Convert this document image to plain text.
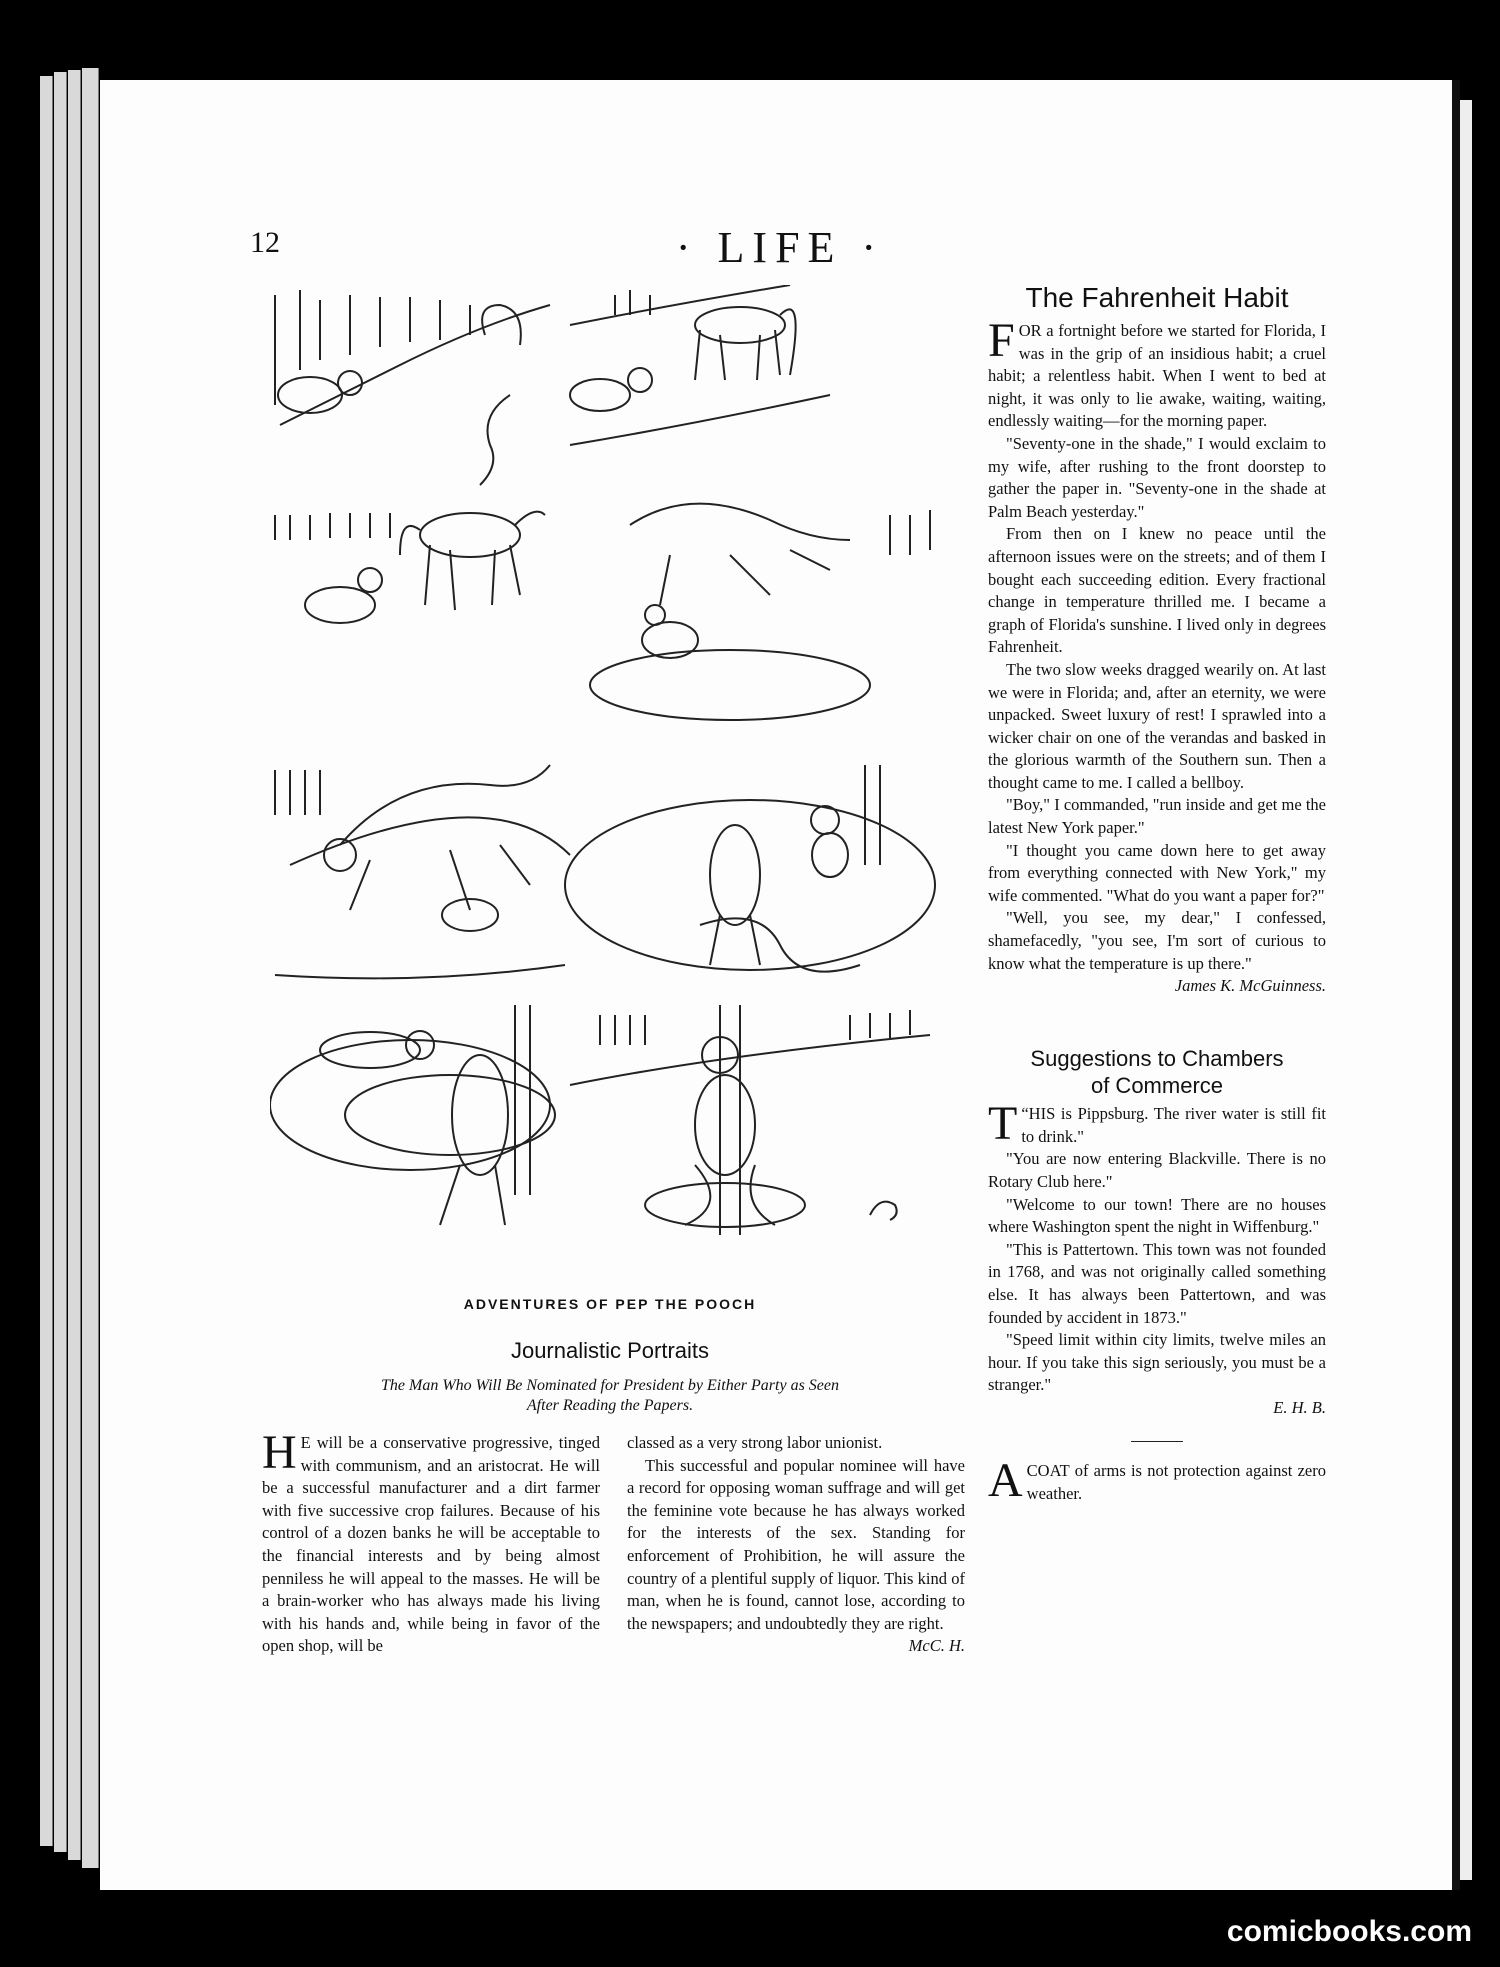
12	· LIFE ·
ADVENTURES OF PEP THE POOCH
The Fahrenheit Habit

FOR a fortnight before we started for Florida, I was in the grip of an insidious habit; a cruel habit; a relentless habit. When I went to bed at night, it was only to lie awake, waiting, waiting, endlessly waiting—for the morning paper.

"Seventy-one in the shade," I would exclaim to my wife, after rushing to the front doorstep to gather the paper in. "Seventy-one in the shade at Palm Beach yesterday."

From then on I knew no peace until the afternoon issues were on the streets; and of them I bought each succeeding edition. Every fractional change in temperature thrilled me. I became a graph of Florida's sunshine. I lived only in degrees Fahrenheit.

The two slow weeks dragged wearily on. At last we were in Florida; and, after an eternity, we were unpacked. Sweet luxury of rest! I sprawled into a wicker chair on one of the verandas and basked in the glorious warmth of the Southern sun. Then a thought came to me. I called a bellboy.

"Boy," I commanded, "run inside and get me the latest New York paper."

"I thought you came down here to get away from everything connected with New York," my wife commented. "What do you want a paper for?"

"Well, you see, my dear," I confessed, shamefacedly, "you see, I'm sort of curious to know what the temperature is up there."

James K. McGuinness.
Suggestions to Chambers
of Commerce

“
T HIS is Pippsburg. The river water is still fit to drink."

"You are now entering Blackville. There is no Rotary Club here."

"Welcome to our town! There are no houses where Washington spent the night in Wiffenburg."

"This is Pattertown. This town was not founded in 1768, and was not originally called something else. It has always been Pattertown, and was founded by accident in 1873."

"Speed limit within city limits, twelve miles an hour. If you take this sign seriously, you must be a stranger."

E. H. B.

ACOAT of arms is not protection against zero weather.

Journalistic Portraits
The Man Who Will Be Nominated for President by Either Party as Seen
After Reading the Papers.

H E will be a conservative progressive, tinged with communism, and an aristocrat. He will be a successful manufacturer and a dirt farmer with five successive crop failures. Because of his control of a dozen banks he will be acceptable to the financial interests and by being almost penniless he will appeal to the masses. He will be a brain-worker who has always made his living with his hands and, while being in favor of the open shop, will be

classed as a very strong labor unionist.

This successful and popular nominee will have a record for opposing woman suffrage and will get the feminine vote because he has always worked for the interests of the sex. Standing for enforcement of Prohibition, he will assure the country of a plentiful supply of liquor. This kind of man, when he is found, cannot lose, according to the newspapers; and undoubtedly they are right.

McC. H.
comicbooks.com
